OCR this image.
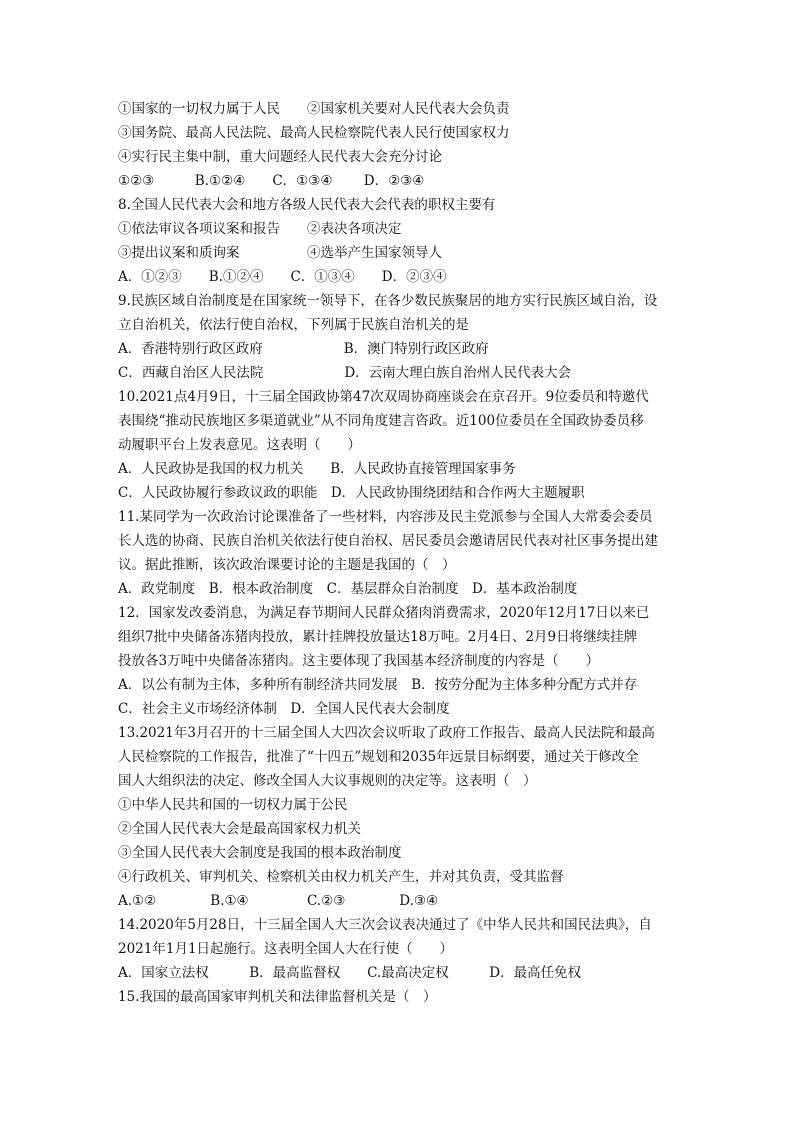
①国家的一切权力属于人民　　②国家机关要对人民代表大会负责
③国务院、最高人民法院、最高人民检察院代表人民行使国家权力
④实行民主集中制，重大问题经人民代表大会充分讨论
①②③　　　B.①②④　　C．①③④　　 D．②③④
8.全国人民代表大会和地方各级人民代表大会代表的职权主要有
①依法审议各项议案和报告　　②表决各项决定
③提出议案和质询案　　　　　④选举产生国家领导人
A．①②③　　B.①②④　　C．①③④　　D．②③④
9.民族区域自治制度是在国家统一领导下，在各少数民族聚居的地方实行民族区域自治，设
立自治机关，依法行使自治权，下列属于民族自治机关的是
A．香港特别行政区政府　　　　　　B．澳门特别行政区政府
C．西藏自治区人民法院　　　　　　D．云南大理白族自治州人民代表大会
10.2021点4月9日，十三届全国政协第47次双周协商座谈会在京召开。9位委员和特邀代
表围绕“推动民族地区多渠道就业”从不同角度建言咨政。近100位委员在全国政协委员移
动履职平台上发表意见。这表明（　　）
A．人民政协是我国的权力机关　　B．人民政协直接管理国家事务
C．人民政协履行参政议政的职能　D．人民政协围绕团结和合作两大主题履职
11.某同学为一次政治讨论课准备了一些材料，内容涉及民主党派参与全国人大常委会委员
长人选的协商、民族自治机关依法行使自治权、居民委员会邀请居民代表对社区事务提出建
议。据此推断，该次政治课要讨论的主题是我国的（　）
A．政党制度　B．根本政治制度　C．基层群众自治制度　D．基本政治制度
12．国家发改委消息，为满足春节期间人民群众猪肉消费需求，2020年12月17日以来已
组织7批中央储备冻猪肉投放，累计挂牌投放量达18万吨。2月4日、2月9日将继续挂牌
投放各3万吨中央储备冻猪肉。这主要体现了我国基本经济制度的内容是（　　）
A．以公有制为主体，多种所有制经济共同发展　B．按劳分配为主体多种分配方式并存
C．社会主义市场经济体制　D．全国人民代表大会制度
13.2021年3月召开的十三届全国人大四次会议听取了政府工作报告、最高人民法院和最高
人民检察院的工作报告，批准了“十四五”规划和2035年远景目标纲要，通过关于修改全
国人大组织法的决定、修改全国人大议事规则的决定等。这表明（　）
①中华人民共和国的一切权力属于公民
②全国人民代表大会是最高国家权力机关
③全国人民代表大会制度是我国的根本政治制度
④行政机关、审判机关、检察机关由权力机关产生，并对其负责，受其监督
A.①②　　　　B.①④　　　　 C.②③　　　　D.③④
14.2020年5月28日，十三届全国人大三次会议表决通过了《中华人民共和国民法典》，自
2021年1月1日起施行。这表明全国人大在行使（　　）
A．国家立法权　　　B．最高监督权　　C.最高决定权　　　D．最高任免权
15.我国的最高国家审判机关和法律监督机关是（　）
